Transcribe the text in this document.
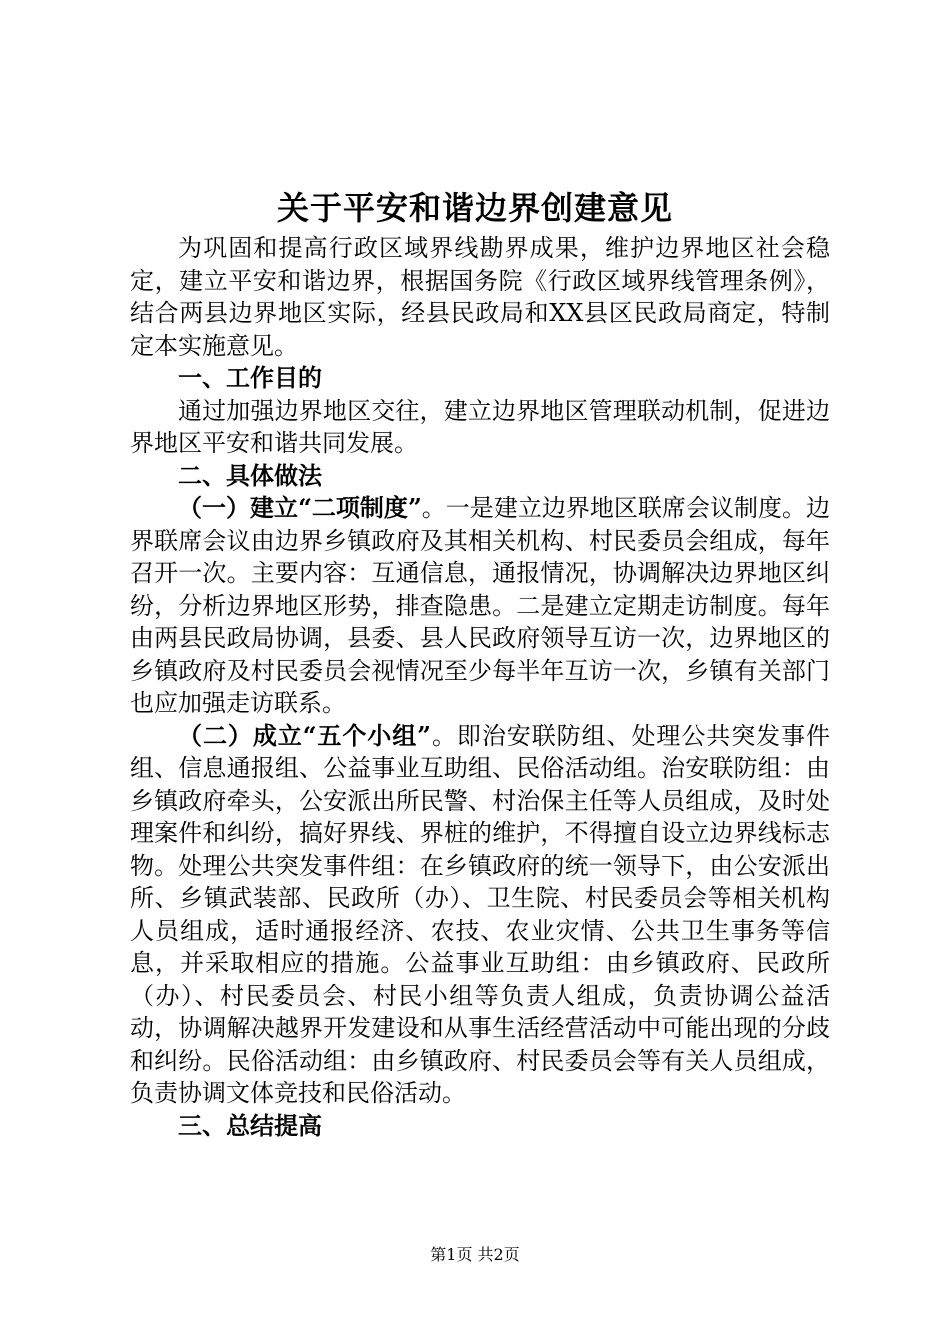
关于平安和谐边界创建意见

为巩固和提高行政区域界线勘界成果，维护边界地区社会稳定，建立平安和谐边界，根据国务院《行政区域界线管理条例》，结合两县边界地区实际，经县民政局和XX县区民政局商定，特制定本实施意见。

一、工作目的

通过加强边界地区交往，建立边界地区管理联动机制，促进边界地区平安和谐共同发展。

二、具体做法

（一）建立“二项制度”。一是建立边界地区联席会议制度。边界联席会议由边界乡镇政府及其相关机构、村民委员会组成，每年召开一次。主要内容：互通信息，通报情况，协调解决边界地区纠纷，分析边界地区形势，排查隐患。二是建立定期走访制度。每年由两县民政局协调，县委、县人民政府领导互访一次，边界地区的乡镇政府及村民委员会视情况至少每半年互访一次，乡镇有关部门也应加强走访联系。

（二）成立“五个小组”。即治安联防组、处理公共突发事件组、信息通报组、公益事业互助组、民俗活动组。治安联防组：由乡镇政府牵头，公安派出所民警、村治保主任等人员组成，及时处理案件和纠纷，搞好界线、界桩的维护，不得擅自设立边界线标志物。处理公共突发事件组：在乡镇政府的统一领导下，由公安派出所、乡镇武装部、民政所（办）、卫生院、村民委员会等相关机构人员组成，适时通报经济、农技、农业灾情、公共卫生事务等信息，并采取相应的措施。公益事业互助组：由乡镇政府、民政所（办）、村民委员会、村民小组等负责人组成，负责协调公益活动，协调解决越界开发建设和从事生活经营活动中可能出现的分歧和纠纷。民俗活动组：由乡镇政府、村民委员会等有关人员组成，负责协调文体竞技和民俗活动。

三、总结提高

第1页 共2页
